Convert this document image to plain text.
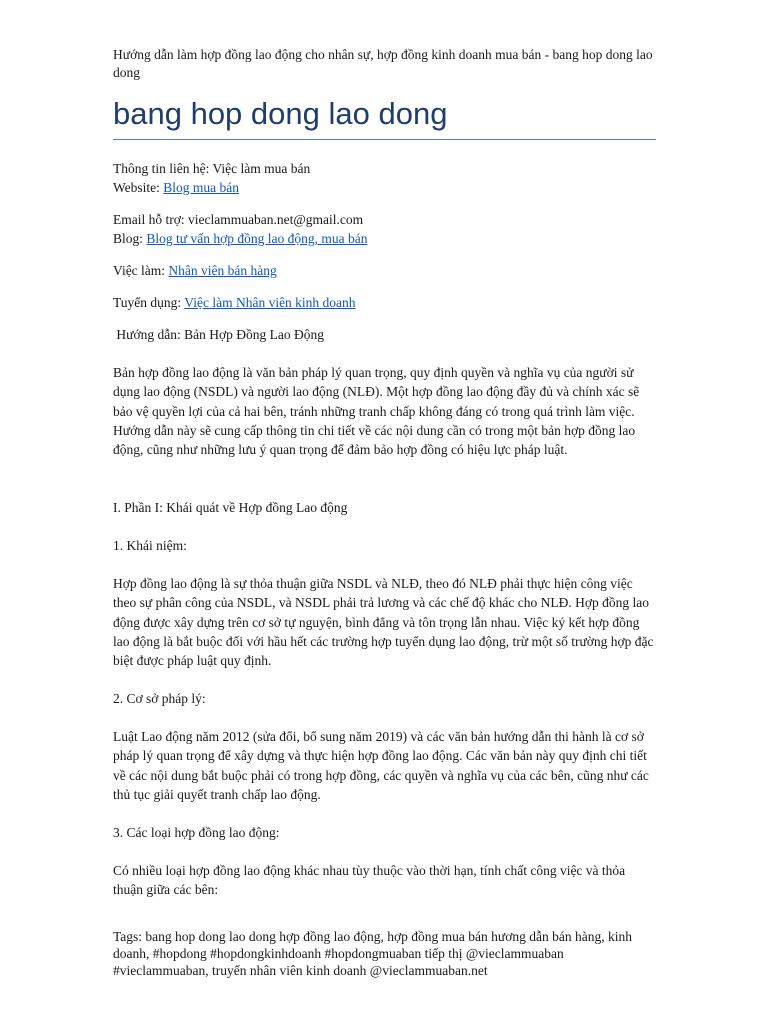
Hướng dẫn làm hợp đồng lao động cho nhân sự, hợp đồng kinh doanh mua bán - bang hop dong lao dong
bang hop dong lao dong

Thông tin liên hệ: Việc làm mua bán

Website: Blog mua bán

Email hỗ trợ: vieclammuaban.net@gmail.com

Blog: Blog tư vấn hợp đồng lao động, mua bán

Việc làm: Nhân viên bán hàng

Tuyển dụng: Việc làm Nhân viên kinh doanh

Hướng dẫn: Bản Hợp Đồng Lao Động

Bản hợp đồng lao động là văn bản pháp lý quan trọng, quy định quyền và nghĩa vụ của người sử dụng lao động (NSDL) và người lao động (NLĐ). Một hợp đồng lao động đầy đủ và chính xác sẽ bảo vệ quyền lợi của cả hai bên, tránh những tranh chấp không đáng có trong quá trình làm việc. Hướng dẫn này sẽ cung cấp thông tin chi tiết về các nội dung cần có trong một bản hợp đồng lao động, cũng như những lưu ý quan trọng để đảm bảo hợp đồng có hiệu lực pháp luật.

I. Phần I: Khái quát về Hợp đồng Lao động

1. Khái niệm:

Hợp đồng lao động là sự thỏa thuận giữa NSDL và NLĐ, theo đó NLĐ phải thực hiện công việc theo sự phân công của NSDL, và NSDL phải trả lương và các chế độ khác cho NLĐ. Hợp đồng lao động được xây dựng trên cơ sở tự nguyện, bình đẳng và tôn trọng lẫn nhau. Việc ký kết hợp đồng lao động là bắt buộc đối với hầu hết các trường hợp tuyển dụng lao động, trừ một số trường hợp đặc biệt được pháp luật quy định.

2. Cơ sở pháp lý:

Luật Lao động năm 2012 (sửa đổi, bổ sung năm 2019) và các văn bản hướng dẫn thi hành là cơ sở pháp lý quan trọng để xây dựng và thực hiện hợp đồng lao động. Các văn bản này quy định chi tiết về các nội dung bắt buộc phải có trong hợp đồng, các quyền và nghĩa vụ của các bên, cũng như các thủ tục giải quyết tranh chấp lao động.

3. Các loại hợp đồng lao động:

Có nhiều loại hợp đồng lao động khác nhau tùy thuộc vào thời hạn, tính chất công việc và thỏa thuận giữa các bên:

Tags: bang hop dong lao dong hợp đồng lao động, hợp đồng mua bán hương dẫn bán hàng, kinh doanh, #hopdong #hopdongkinhdoanh #hopdongmuaban tiếp thị @vieclammuaban #vieclammuaban, truyển nhân viên kinh doanh @vieclammuaban.net
